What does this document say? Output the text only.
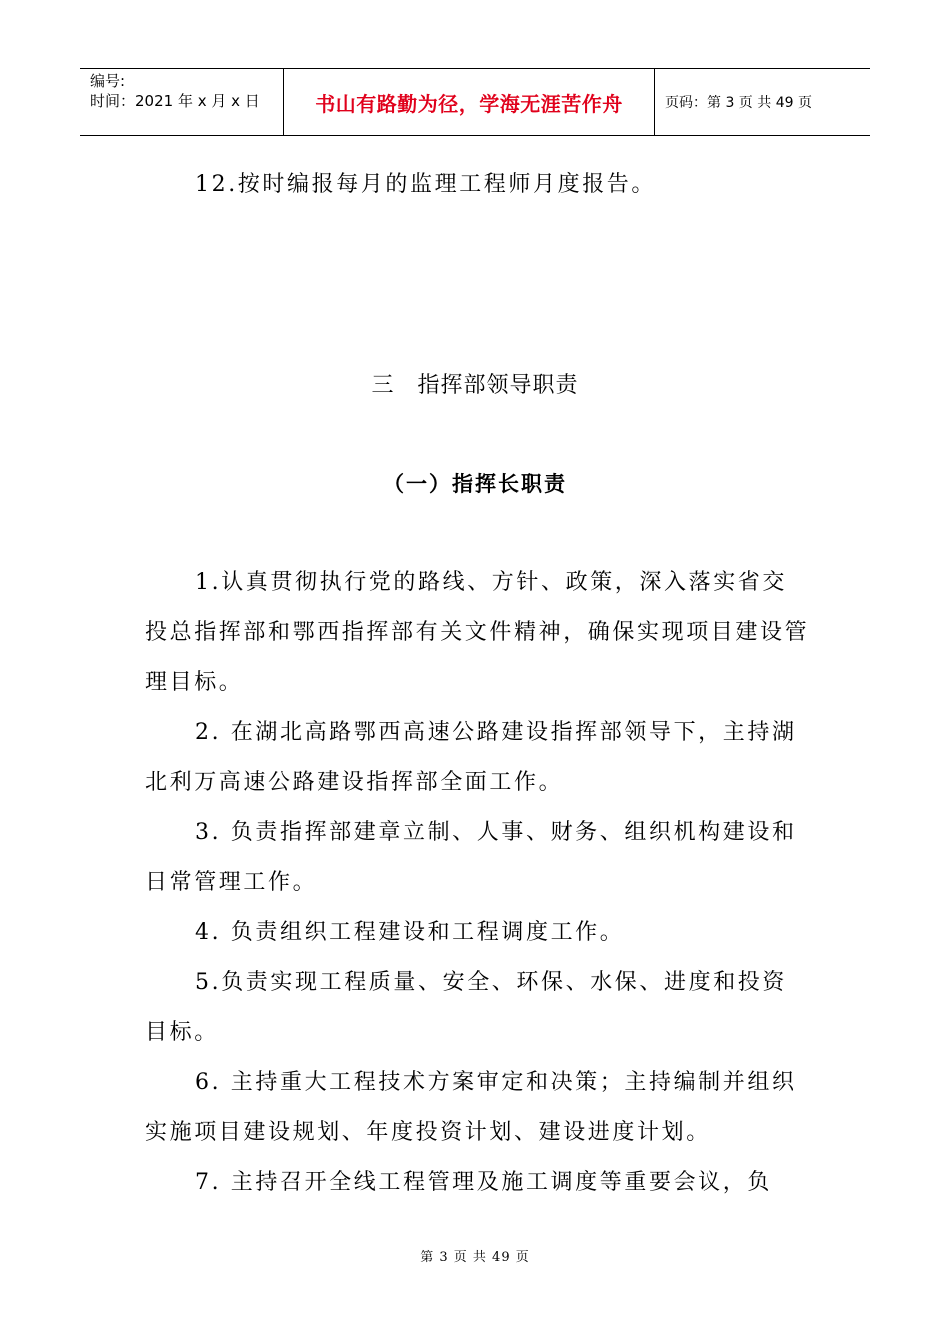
编号:
时间：2021 年 x 月 x 日	书山有路勤为径，学海无涯苦作舟	页码：第 3 页 共 49 页

12.按时编报每月的监理工程师月度报告。

三　指挥部领导职责
（一）指挥长职责

1.认真贯彻执行党的路线、方针、政策，深入落实省交投总指挥部和鄂西指挥部有关文件精神，确保实现项目建设管理目标。

2. 在湖北高路鄂西高速公路建设指挥部领导下，主持湖北利万高速公路建设指挥部全面工作。

3. 负责指挥部建章立制、人事、财务、组织机构建设和日常管理工作。

4. 负责组织工程建设和工程调度工作。

5.负责实现工程质量、安全、环保、水保、进度和投资目标。

6. 主持重大工程技术方案审定和决策；主持编制并组织实施项目建设规划、年度投资计划、建设进度计划。

7. 主持召开全线工程管理及施工调度等重要会议，负

第 3 页 共 49 页
